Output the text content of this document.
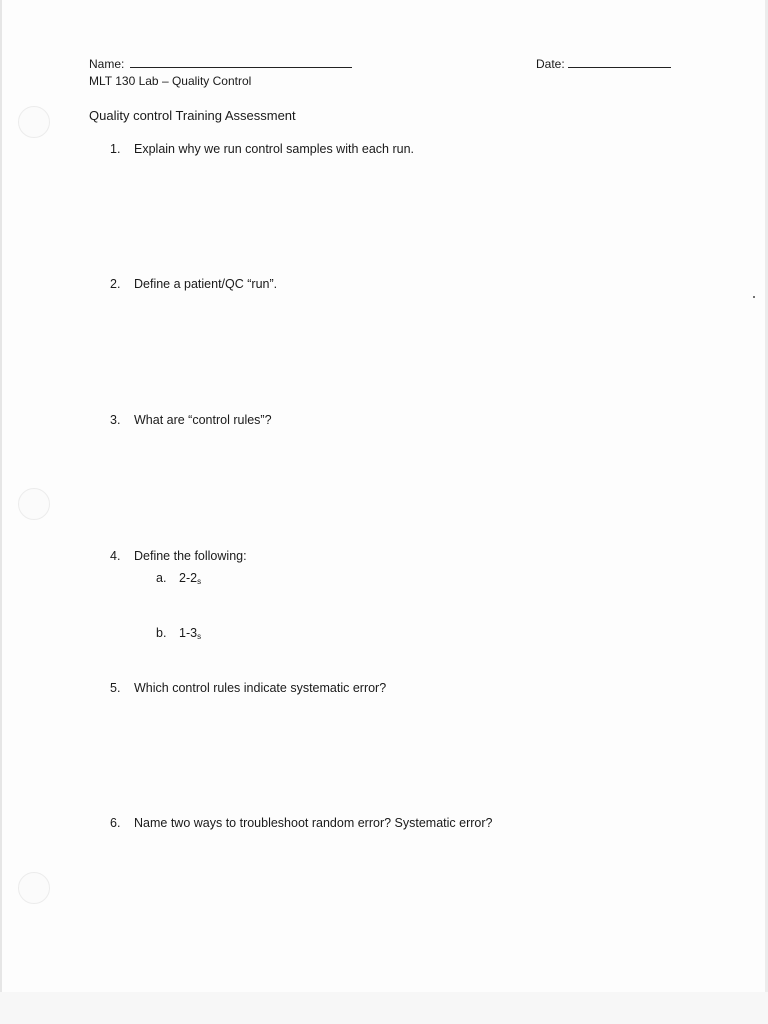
Name:	Date:
MLT 130 Lab – Quality Control
Quality control Training Assessment
1. Explain why we run control samples with each run.
2. Define a patient/QC “run”.
3. What are “control rules”?
4. Define the following:
a. $2-2_s$
b. $1-3_s$
5. Which control rules indicate systematic error?
6. Name two ways to troubleshoot random error? Systematic error?
